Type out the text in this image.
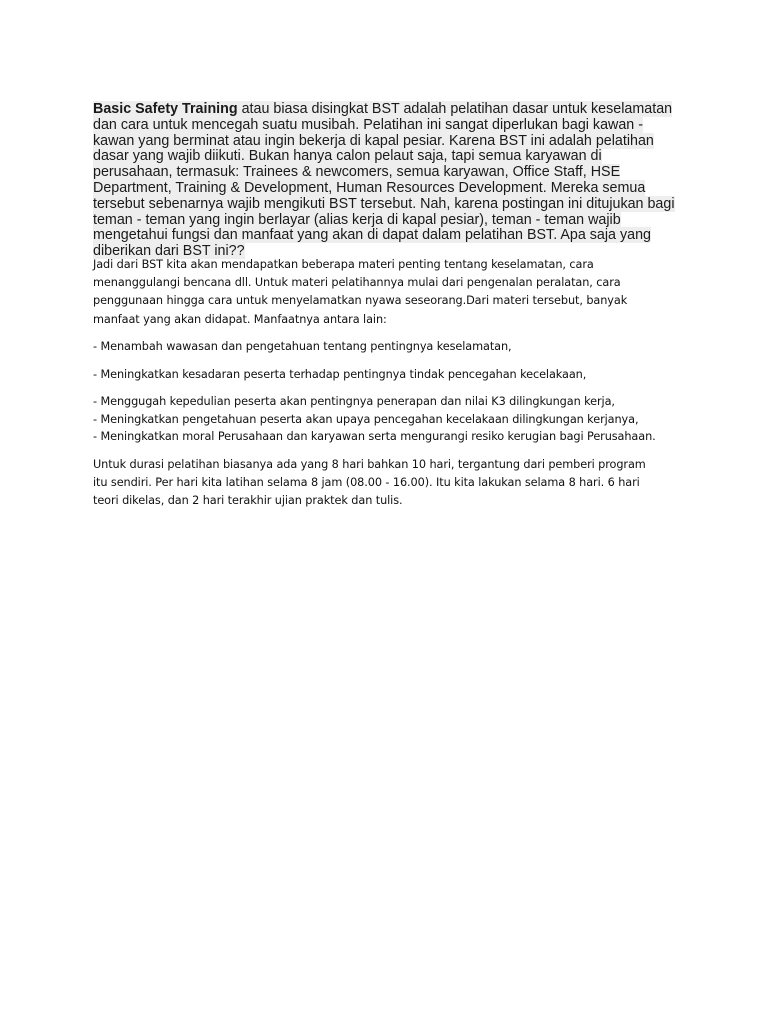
Basic Safety Training atau biasa disingkat BST adalah pelatihan dasar untuk keselamatan
dan cara untuk mencegah suatu musibah. Pelatihan ini sangat diperlukan bagi kawan -
kawan yang berminat atau ingin bekerja di kapal pesiar. Karena BST ini adalah pelatihan
dasar yang wajib diikuti. Bukan hanya calon pelaut saja, tapi semua karyawan di
perusahaan, termasuk: Trainees & newcomers, semua karyawan, Office Staff, HSE
Department, Training & Development, Human Resources Development. Mereka semua
tersebut sebenarnya wajib mengikuti BST tersebut. Nah, karena postingan ini ditujukan bagi
teman - teman yang ingin berlayar (alias kerja di kapal pesiar), teman - teman wajib
mengetahui fungsi dan manfaat yang akan di dapat dalam pelatihan BST. Apa saja yang
diberikan dari BST ini??

Jadi dari BST kita akan mendapatkan beberapa materi penting tentang keselamatan, cara
menanggulangi bencana dll. Untuk materi pelatihannya mulai dari pengenalan peralatan, cara
penggunaan hingga cara untuk menyelamatkan nyawa seseorang.Dari materi tersebut, banyak
manfaat yang akan didapat. Manfaatnya antara lain:

- Menambah wawasan dan pengetahuan tentang pentingnya keselamatan,

- Meningkatkan kesadaran peserta terhadap pentingnya tindak pencegahan kecelakaan,

- Menggugah kepedulian peserta akan pentingnya penerapan dan nilai K3 dilingkungan kerja,

- Meningkatkan pengetahuan peserta akan upaya pencegahan kecelakaan dilingkungan kerjanya,

- Meningkatkan moral Perusahaan dan karyawan serta mengurangi resiko kerugian bagi Perusahaan.

Untuk durasi pelatihan biasanya ada yang 8 hari bahkan 10 hari, tergantung dari pemberi program
itu sendiri. Per hari kita latihan selama 8 jam (08.00 - 16.00). Itu kita lakukan selama 8 hari. 6 hari
teori dikelas, dan 2 hari terakhir ujian praktek dan tulis.
